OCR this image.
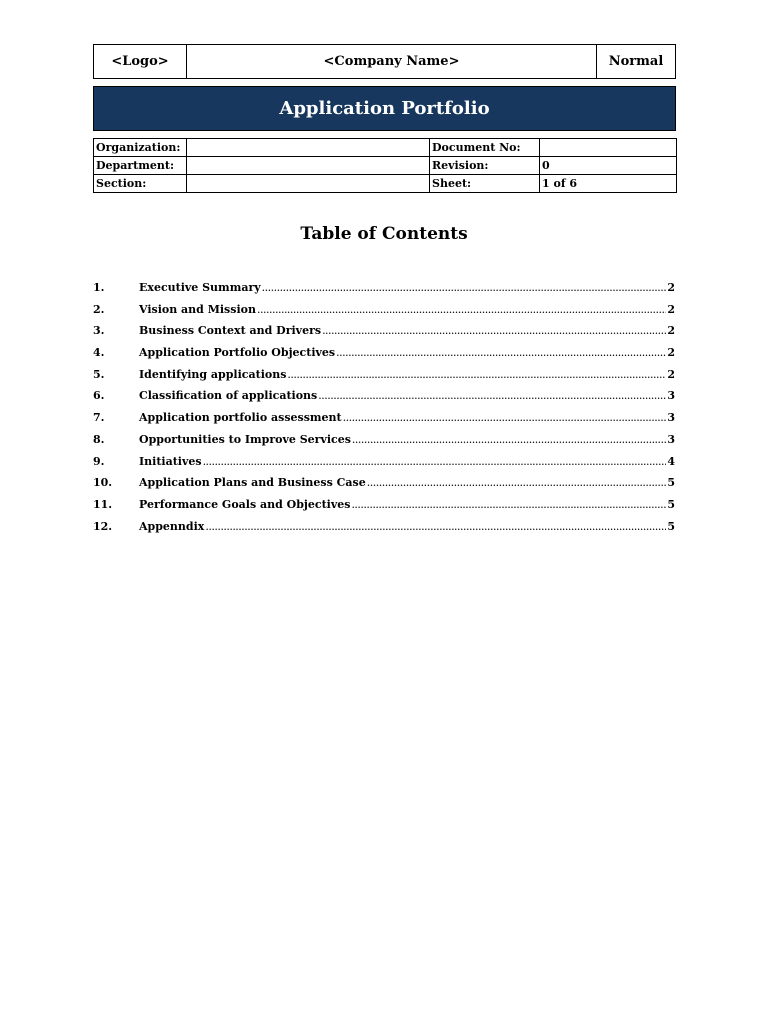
<Logo>	<Company Name>	Normal
Application Portfolio
Organization:		Document No:	
Department:		Revision:	0
Section:		Sheet:	1 of 6
Table of Contents
1.	Executive Summary .....	2
2.	Vision and Mission .....	2
3.	Business Context and Drivers .....	2
4.	Application Portfolio Objectives .....	2
5.	Identifying applications .....	2
6.	Classification of applications .....	3
7.	Application portfolio assessment .....	3
8.	Opportunities to Improve Services .....	3
9.	Initiatives .....	4
10.	Application Plans and Business Case .....	5
11.	Performance Goals and Objectives .....	5
12.	Appenndix .....	5
